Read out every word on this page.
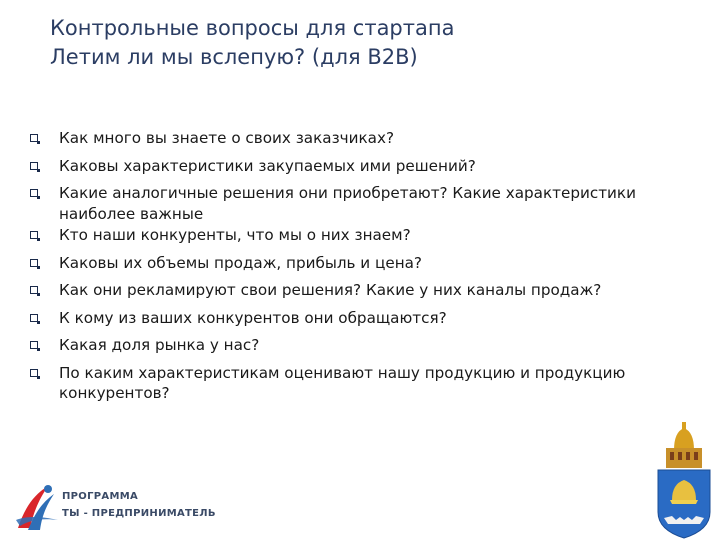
Контрольные вопросы для стартапа
Летим ли мы вслепую? (для B2B)
Как много вы знаете о своих заказчиках?
Каковы характеристики закупаемых ими решений?
Какие аналогичные решения они приобретают? Какие характеристики наиболее важные
Кто наши конкуренты, что мы о них знаем?
Каковы их объемы продаж, прибыль и цена?
Как они рекламируют свои решения? Какие у них каналы продаж?
К кому из ваших конкурентов они обращаются?
Какая доля рынка у нас?
По каким характеристикам оценивают нашу продукцию и продукцию конкурентов?
ПРОГРАММА
ТЫ - ПРЕДПРИНИМАТЕЛЬ
